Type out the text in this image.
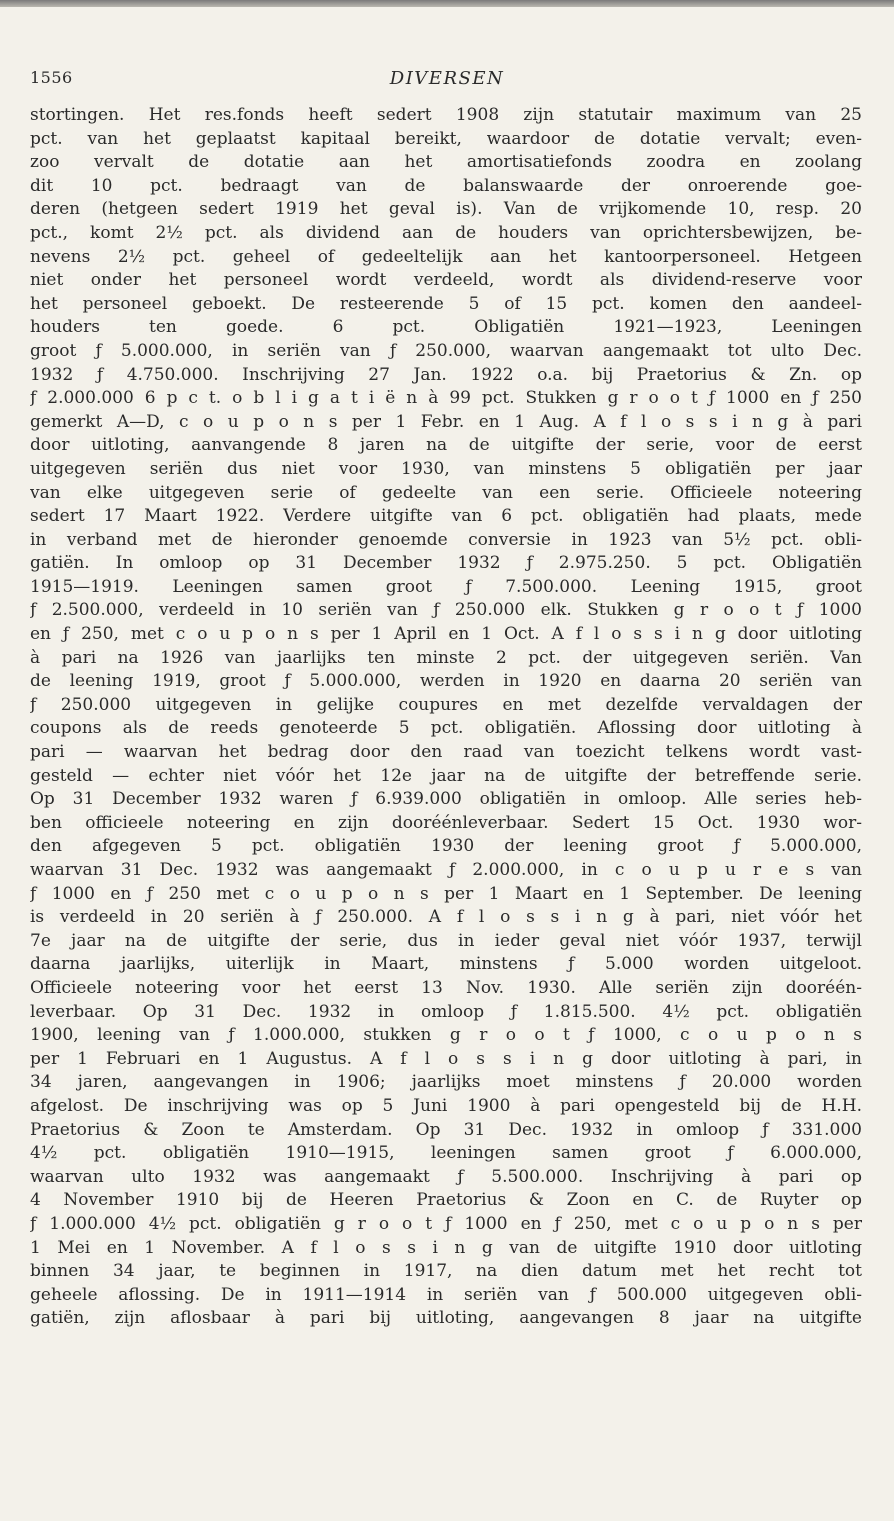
1556	DIVERSEN
stortingen. Het res.fonds heeft sedert 1908 zijn statutair maximum van 25
pct. van het geplaatst kapitaal bereikt, waardoor de dotatie vervalt; even-
zoo vervalt de dotatie aan het amortisatiefonds zoodra en zoolang
dit 10 pct. bedraagt van de balanswaarde der onroerende goe-
deren (hetgeen sedert 1919 het geval is). Van de vrijkomende 10, resp. 20
pct., komt 2½ pct. als dividend aan de houders van oprichtersbewijzen, be-
nevens 2½ pct. geheel of gedeeltelijk aan het kantoorpersoneel. Hetgeen
niet onder het personeel wordt verdeeld, wordt als dividend-reserve voor
het personeel geboekt. De resteerende 5 of 15 pct. komen den aandeel-
houders ten goede. 6 pct. Obligatiën 1921—1923, Leeningen
groot ƒ 5.000.000, in seriën van ƒ 250.000, waarvan aangemaakt tot ulto Dec.
1932 ƒ 4.750.000. Inschrijving 27 Jan. 1922 o.a. bij Praetorius & Zn. op
ƒ 2.000.000 6 p c t. o b l i g a t i ë n à 99 pct. Stukken g r o o t ƒ 1000 en ƒ 250
gemerkt A—D, c o u p o n s per 1 Febr. en 1 Aug. A f l o s s i n g à pari
door uitloting, aanvangende 8 jaren na de uitgifte der serie, voor de eerst
uitgegeven seriën dus niet voor 1930, van minstens 5 obligatiën per jaar
van elke uitgegeven serie of gedeelte van een serie. Officieele noteering
sedert 17 Maart 1922. Verdere uitgifte van 6 pct. obligatiën had plaats, mede
in verband met de hieronder genoemde conversie in 1923 van 5½ pct. obli-
gatiën. In omloop op 31 December 1932 ƒ 2.975.250. 5 pct. Obligatiën
1915—1919. Leeningen samen groot ƒ 7.500.000. Leening 1915, groot
ƒ 2.500.000, verdeeld in 10 seriën van ƒ 250.000 elk. Stukken g r o o t ƒ 1000
en ƒ 250, met c o u p o n s per 1 April en 1 Oct. A f l o s s i n g door uitloting
à pari na 1926 van jaarlijks ten minste 2 pct. der uitgegeven seriën. Van
de leening 1919, groot ƒ 5.000.000, werden in 1920 en daarna 20 seriën van
ƒ 250.000 uitgegeven in gelijke coupures en met dezelfde vervaldagen der
coupons als de reeds genoteerde 5 pct. obligatiën. Aflossing door uitloting à
pari — waarvan het bedrag door den raad van toezicht telkens wordt vast-
gesteld — echter niet vóór het 12e jaar na de uitgifte der betreffende serie.
Op 31 December 1932 waren ƒ 6.939.000 obligatiën in omloop. Alle series heb-
ben officieele noteering en zijn dooréénleverbaar. Sedert 15 Oct. 1930 wor-
den afgegeven 5 pct. obligatiën 1930 der leening groot ƒ 5.000.000,
waarvan 31 Dec. 1932 was aangemaakt ƒ 2.000.000, in c o u p u r e s van
ƒ 1000 en ƒ 250 met c o u p o n s per 1 Maart en 1 September. De leening
is verdeeld in 20 seriën à ƒ 250.000. A f l o s s i n g à pari, niet vóór het
7e jaar na de uitgifte der serie, dus in ieder geval niet vóór 1937, terwijl
daarna jaarlijks, uiterlijk in Maart, minstens ƒ 5.000 worden uitgeloot.
Officieele noteering voor het eerst 13 Nov. 1930. Alle seriën zijn dooréén-
leverbaar. Op 31 Dec. 1932 in omloop ƒ 1.815.500. 4½ pct. obligatiën
1900, leening van ƒ 1.000.000, stukken g r o o t ƒ 1000, c o u p o n s
per 1 Februari en 1 Augustus. A f l o s s i n g door uitloting à pari, in
34 jaren, aangevangen in 1906; jaarlijks moet minstens ƒ 20.000 worden
afgelost. De inschrijving was op 5 Juni 1900 à pari opengesteld bij de H.H.
Praetorius & Zoon te Amsterdam. Op 31 Dec. 1932 in omloop ƒ 331.000
4½ pct. obligatiën 1910—1915, leeningen samen groot ƒ 6.000.000,
waarvan ulto 1932 was aangemaakt ƒ 5.500.000. Inschrijving à pari op
4 November 1910 bij de Heeren Praetorius & Zoon en C. de Ruyter op
ƒ 1.000.000 4½ pct. obligatiën g r o o t ƒ 1000 en ƒ 250, met c o u p o n s per
1 Mei en 1 November. A f l o s s i n g van de uitgifte 1910 door uitloting
binnen 34 jaar, te beginnen in 1917, na dien datum met het recht tot
geheele aflossing. De in 1911—1914 in seriën van ƒ 500.000 uitgegeven obli-
gatiën, zijn aflosbaar à pari bij uitloting, aangevangen 8 jaar na uitgifte
